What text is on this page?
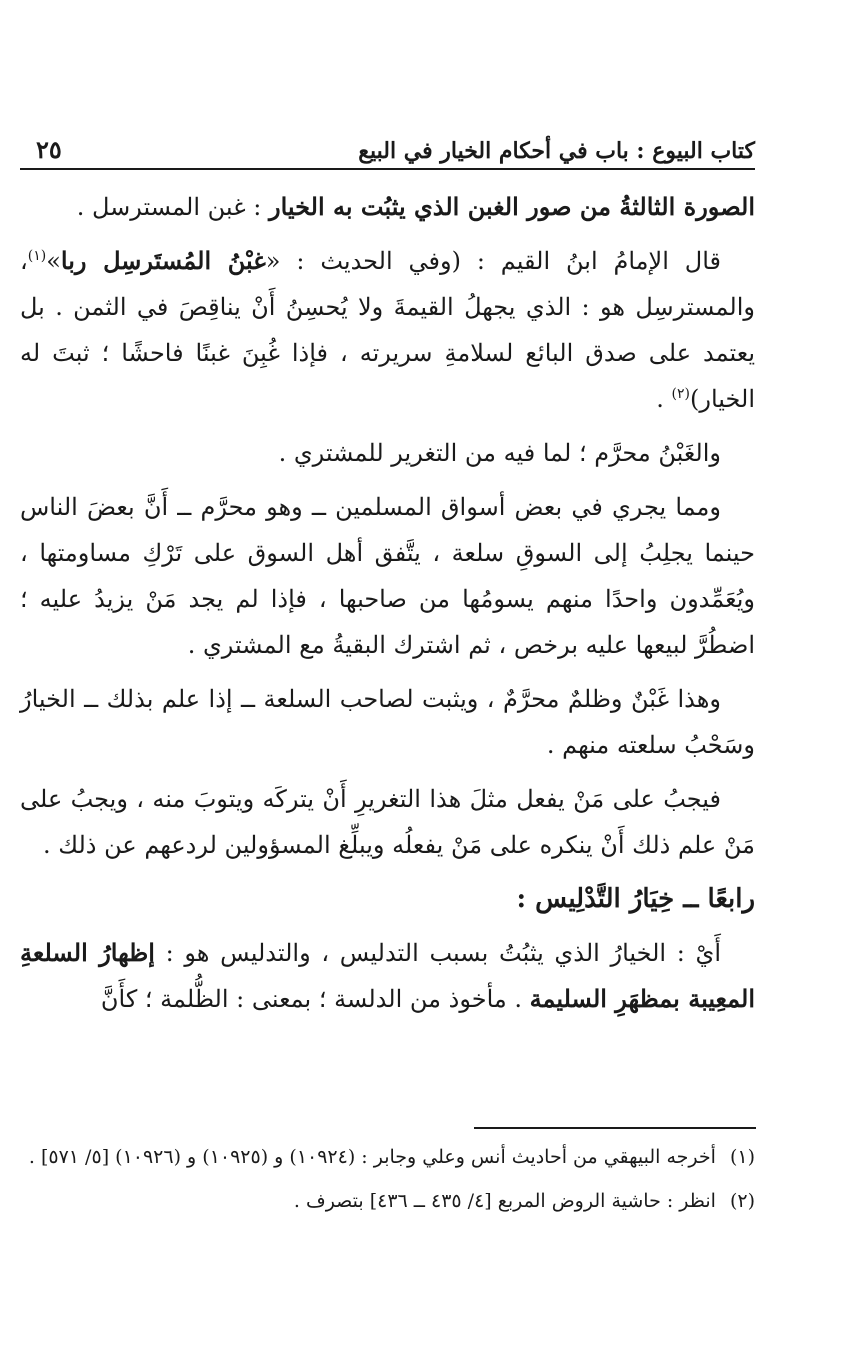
كتاب البيوع : باب في أحكام الخيار في البيع
٢٥

الصورة الثالثةُ من صور الغبن الذي يثبُت به الخيار : غبن المسترسل .

قال الإمامُ ابنُ القيم : (وفي الحديث : «غبْنُ المُستَرسِل ربا»$^{(١)}$، والمسترسِل هو : الذي يجهلُ القيمةَ ولا يُحسِنُ أَنْ يناقِصَ في الثمن . بل يعتمد على صدق البائع لسلامةِ سريرته ، فإذا غُبِنَ غبنًا فاحشًا ؛ ثبتَ له الخيار)$^{(٢)}$ .

والغَبْنُ محرَّم ؛ لما فيه من التغرير للمشتري .

ومما يجري في بعض أسواق المسلمين ــ وهو محرَّم ــ أَنَّ بعضَ الناس حينما يجلِبُ إلى السوقِ سلعة ، يتَّفق أهل السوق على تَرْكِ مساومتها ، ويُعَمِّدون واحدًا منهم يسومُها من صاحبها ، فإذا لم يجد مَنْ يزيدُ عليه ؛ اضطُرَّ لبيعها عليه برخص ، ثم اشترك البقيةُ مع المشتري .

وهذا غَبْنٌ وظلمٌ محرَّمٌ ، ويثبت لصاحب السلعة ــ إذا علم بذلك ــ الخيارُ وسَحْبُ سلعته منهم .

فيجبُ على مَنْ يفعل مثلَ هذا التغريرِ أَنْ يتركَه ويتوبَ منه ، ويجبُ على مَنْ علم ذلك أَنْ ينكره على مَنْ يفعلُه ويبلِّغ المسؤولين لردعهم عن ذلك .

رابعًا ــ خِيَارُ التَّدْلِيس :

أَيْ : الخيارُ الذي يثبُتُ بسبب التدليس ، والتدليس هو : إظهارُ السلعةِ المعِيبة بمظهَرِ السليمة . مأخوذ من الدلسة ؛ بمعنى : الظُّلمة ؛ كأَنَّ

(١)أخرجه البيهقي من أحاديث أنس وعلي وجابر : (١٠٩٢٤) و (١٠٩٢٥) و (١٠٩٢٦) [٥/ ٥٧١] .

(٢)انظر : حاشية الروض المربع [٤/ ٤٣٥ ــ ٤٣٦] بتصرف .
